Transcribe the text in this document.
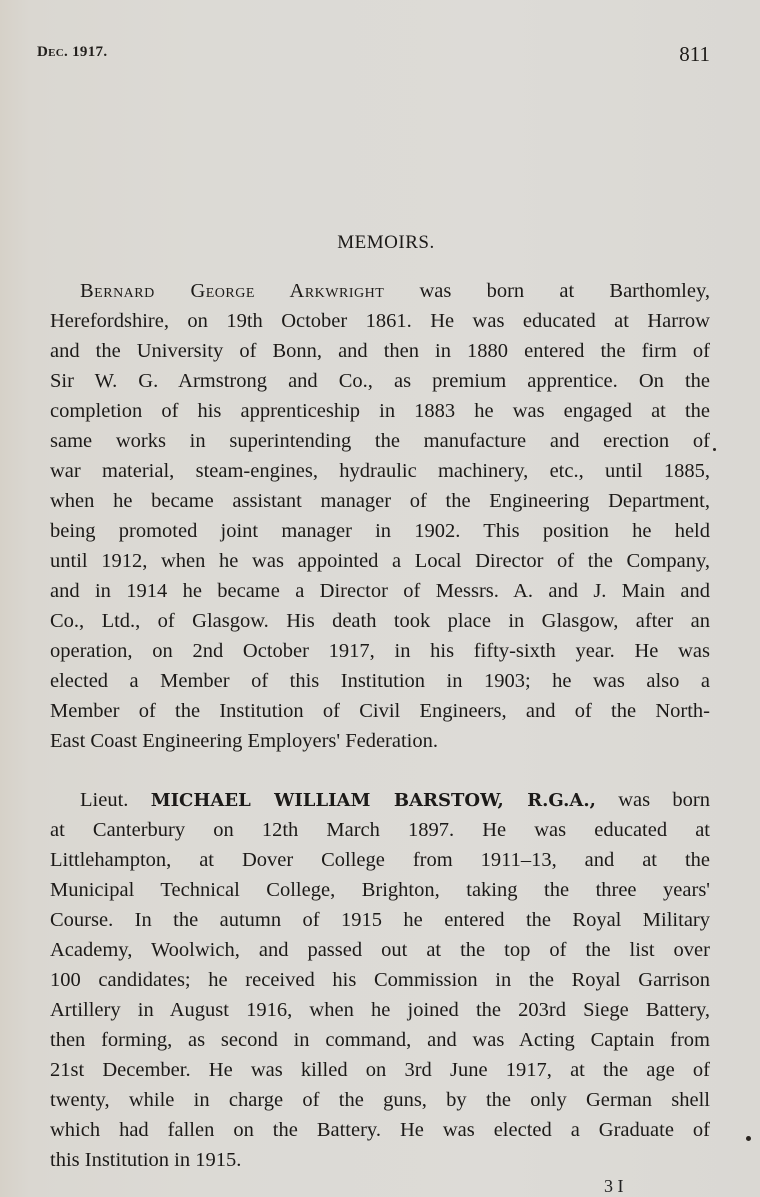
Dec. 1917.	811
MEMOIRS.
Bernard George Arkwright was born at Barthomley,
Herefordshire, on 19th October 1861. He was educated at Harrow
and the University of Bonn, and then in 1880 entered the firm of
Sir W. G. Armstrong and Co., as premium apprentice. On the
completion of his apprenticeship in 1883 he was engaged at the
same works in superintending the manufacture and erection of
war material, steam-engines, hydraulic machinery, etc., until 1885,
when he became assistant manager of the Engineering Department,
being promoted joint manager in 1902. This position he held
until 1912, when he was appointed a Local Director of the Company,
and in 1914 he became a Director of Messrs. A. and J. Main and
Co., Ltd., of Glasgow. His death took place in Glasgow, after an
operation, on 2nd October 1917, in his fifty-sixth year. He was
elected a Member of this Institution in 1903; he was also a
Member of the Institution of Civil Engineers, and of the North-
East Coast Engineering Employers' Federation.
Lieut. MICHAEL WILLIAM BARSTOW, R.G.A., was born
at Canterbury on 12th March 1897. He was educated at
Littlehampton, at Dover College from 1911–13, and at the
Municipal Technical College, Brighton, taking the three years'
Course. In the autumn of 1915 he entered the Royal Military
Academy, Woolwich, and passed out at the top of the list over
100 candidates; he received his Commission in the Royal Garrison
Artillery in August 1916, when he joined the 203rd Siege Battery,
then forming, as second in command, and was Acting Captain from
21st December. He was killed on 3rd June 1917, at the age of
twenty, while in charge of the guns, by the only German shell
which had fallen on the Battery. He was elected a Graduate of
this Institution in 1915.
3 I
